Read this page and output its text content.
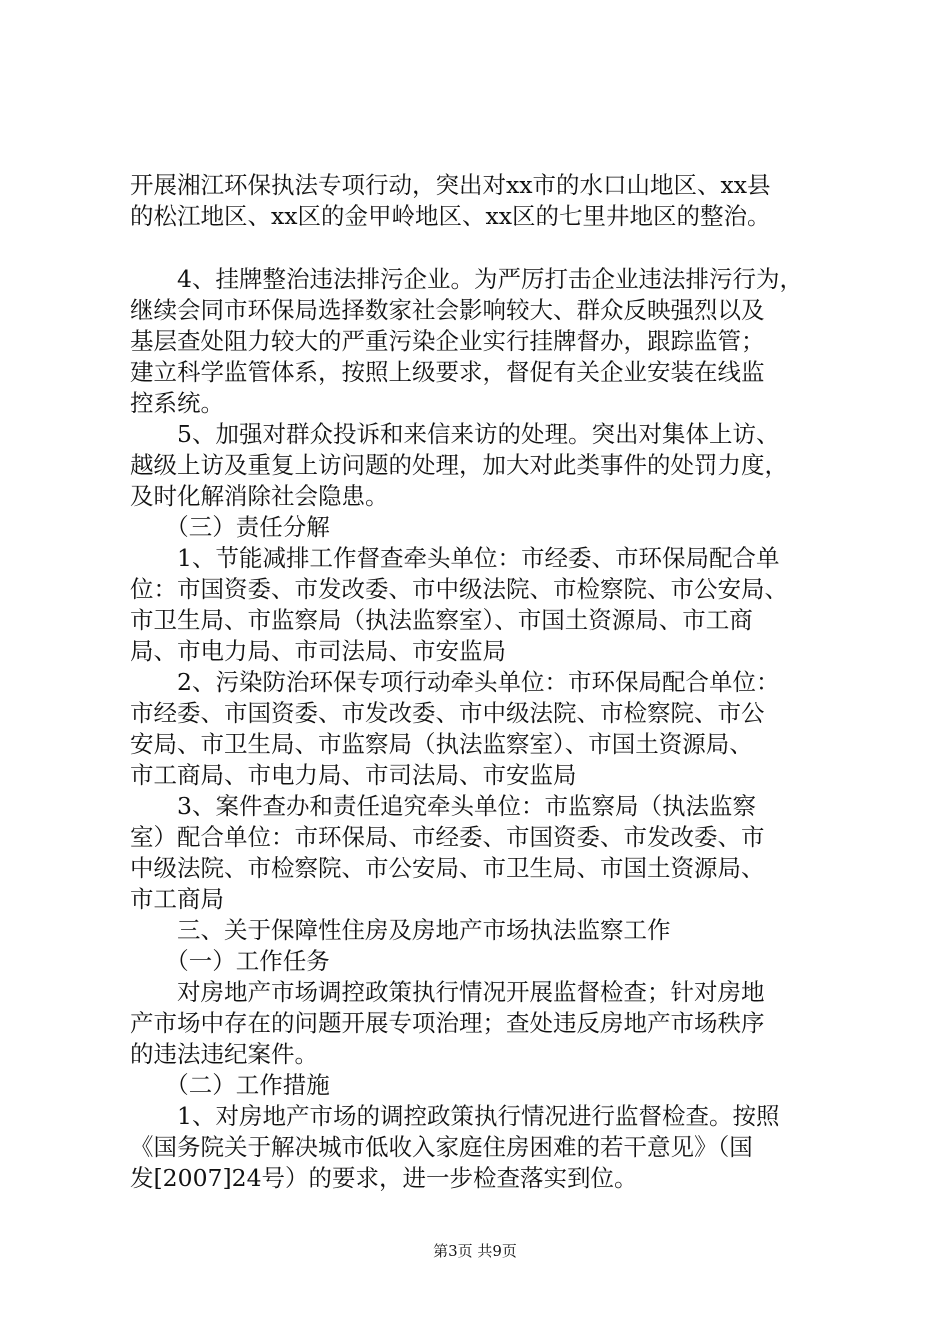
开展湘江环保执法专项行动，突出对xx市的水口山地区、xx县
的松江地区、xx区的金甲岭地区、xx区的七里井地区的整治。
　　4、挂牌整治违法排污企业。为严厉打击企业违法排污行为，
继续会同市环保局选择数家社会影响较大、群众反映强烈以及
基层查处阻力较大的严重污染企业实行挂牌督办，跟踪监管；
建立科学监管体系，按照上级要求，督促有关企业安装在线监
控系统。
　　5、加强对群众投诉和来信来访的处理。突出对集体上访、
越级上访及重复上访问题的处理，加大对此类事件的处罚力度，
及时化解消除社会隐患。
　　（三）责任分解
　　1、节能减排工作督查牵头单位：市经委、市环保局配合单
位：市国资委、市发改委、市中级法院、市检察院、市公安局、
市卫生局、市监察局（执法监察室）、市国土资源局、市工商
局、市电力局、市司法局、市安监局
　　2、污染防治环保专项行动牵头单位：市环保局配合单位：
市经委、市国资委、市发改委、市中级法院、市检察院、市公
安局、市卫生局、市监察局（执法监察室）、市国土资源局、
市工商局、市电力局、市司法局、市安监局
　　3、案件查办和责任追究牵头单位：市监察局（执法监察
室）配合单位：市环保局、市经委、市国资委、市发改委、市
中级法院、市检察院、市公安局、市卫生局、市国土资源局、
市工商局
　　三、关于保障性住房及房地产市场执法监察工作
　　（一）工作任务
　　对房地产市场调控政策执行情况开展监督检查；针对房地
产市场中存在的问题开展专项治理；查处违反房地产市场秩序
的违法违纪案件。
　　（二）工作措施
　　1、对房地产市场的调控政策执行情况进行监督检查。按照
《国务院关于解决城市低收入家庭住房困难的若干意见》（国
发[2007]24号）的要求，进一步检查落实到位。
第3页 共9页
